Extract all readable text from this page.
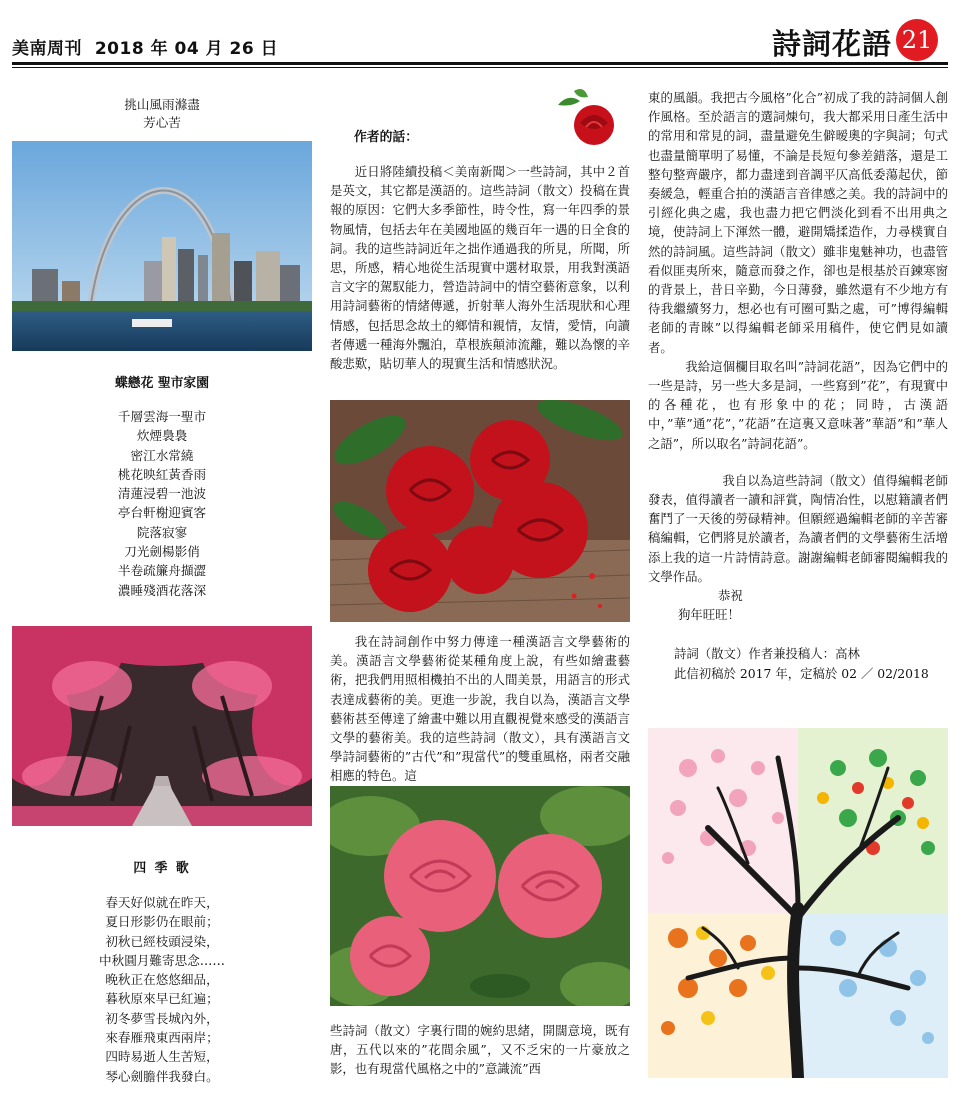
美南周刊 2018 年 04 月 26 日	詩詞花語 21
挑山風雨滌盡
芳心苦
蝶戀花 聖市家園
千層雲海一聖市
炊煙裊裊
密江水常繞
桃花映紅黃香雨
清蓮浸碧一池波
亭台軒榭迎賓客
院落寂寥
刀光劍楊影俏
半卷疏簾舟擷澀
濃睡殘酒花落深
四 季 歌
春天好似就在昨天，
夏日形影仍在眼前；
初秋已經枝頭浸染，
中秋圓月難寄思念……
晚秋正在悠悠細品，
暮秋原來早已紅遍；
初冬夢雪長城內外，
來春雁飛東西兩岸；
四時易逝人生苦短，
琴心劍膽伴我發白。
作者的話：

近日將陸續投稿＜美南新聞＞一些詩詞，其中２首是英文，其它都是漢語的。這些詩詞（散文）投稿在貴報的原因：它們大多季節性，時令性，寫一年四季的景物風情，包括去年在美國地區的幾百年一遇的日全食的詞。我的這些詩詞近年之拙作通過我的所見，所聞，所思，所感，精心地從生活現實中選材取景，用我對漢語言文字的駕馭能力，營造詩詞中的情空藝術意象，以利用詩詞藝術的情緒傳遞，折射華人海外生活現狀和心理情感，包括思念故土的鄉情和親情，友情，愛情，向讀者傳遞一種海外飄泊，草根族顛沛流離，難以為懷的辛酸悲歎，貼切華人的現實生活和情感狀況。

我在詩詞創作中努力傳達一種漢語言文學藝術的美。漢語言文學藝術從某種角度上說，有些如繪畫藝術，把我們用照相機拍不出的人間美景，用語言的形式表達成藝術的美。更進一步說，我自以為，漢語言文學藝術甚至傳達了繪畫中難以用直觀視覺來感受的漢語言文學的藝術美。我的這些詩詞（散文），具有漢語言文學詩詞藝術的”古代”和”現當代”的雙重風格，兩者交融相應的特色。這

些詩詞（散文）字裏行間的婉約思緒，開闊意境，既有唐，五代以來的”花間余風”，又不乏宋的一片豪放之影，也有現當代風格之中的”意識流”西

東的風韻。我把古今風格”化合”初成了我的詩詞個人創作風格。至於語言的選詞煉句，我大都采用日產生活中的常用和常見的詞，盡量避免生僻暧奧的字與詞；句式也盡量簡單明了易懂，不論是長短句參差錯落，還是工整句整齊嚴序，都力盡達到音調平仄高低委蕩起伏，節奏緩急，輕重合拍的漢語言音律感之美。我的詩詞中的引經化典之處，我也盡力把它們淡化到看不出用典之境，使詩詞上下渾然一體，避開矯揉造作，力尋樸實自然的詩詞風。這些詩詞（散文）雖非鬼魅神功，也盡管看似匪夷所來，隨意而發之作，卻也是根基於百鍊寒窗的背景上，昔日辛勤，今日薄發，雖然還有不少地方有待我繼續努力，想必也有可圈可點之處，可”博得編輯老師的青睞”以得編輯老師采用稿件，使它們見如讀者。

我給這個欄目取名叫”詩詞花語”，因為它們中的一些是詩，另一些大多是詞，一些寫到”花”，有現實中的各種花，也有形象中的花；同時，古漢語中，”華”通”花”，”花語”在這裏又意味著”華語”和”華人之語”，所以取名”詩詞花語”。

我自以為這些詩詞（散文）值得編輯老師發表，值得讀者一讀和評賞，陶情冶性，以慰籍讀者們奮鬥了一天後的勞碌精神。但願經過編輯老師的辛苦審稿編輯，它們將見於讀者，為讀者們的文學藝術生活增添上我的這一片詩情詩意。謝謝編輯老師審閱編輯我的文學作品。

恭祝

狗年旺旺！

詩詞（散文）作者兼投稿人：高林

此信初稿於 2017 年，定稿於 02 ／ 02/2018
